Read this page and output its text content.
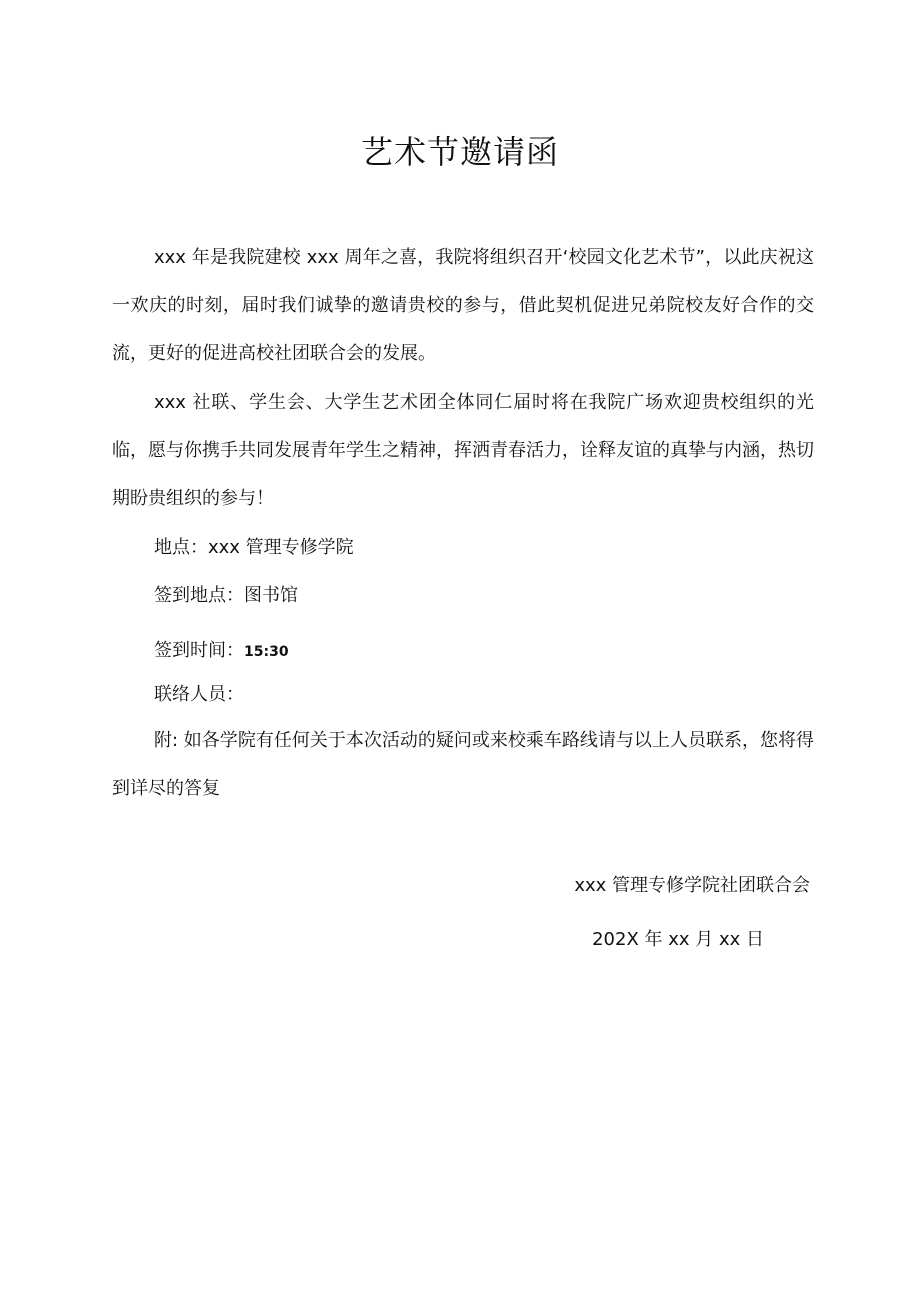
艺术节邀请函

xxx 年是我院建校 xxx 周年之喜，我院将组织召开‘校园文化艺术节”，以此庆祝这一欢庆的时刻，届时我们诚挚的邀请贵校的参与，借此契机促进兄弟院校友好合作的交流，更好的促进高校社团联合会的发展。

xxx 社联、学生会、大学生艺术团全体同仁届时将在我院广场欢迎贵校组织的光临，愿与你携手共同发展青年学生之精神，挥洒青春活力，诠释友谊的真挚与内涵，热切期盼贵组织的参与！

地点：xxx 管理专修学院

签到地点：图书馆

签到时间：15:30

联络人员：

附: 如各学院有任何关于本次活动的疑问或来校乘车路线请与以上人员联系，您将得到详尽的答复

xxx 管理专修学院社团联合会

202X 年 xx 月 xx 日
